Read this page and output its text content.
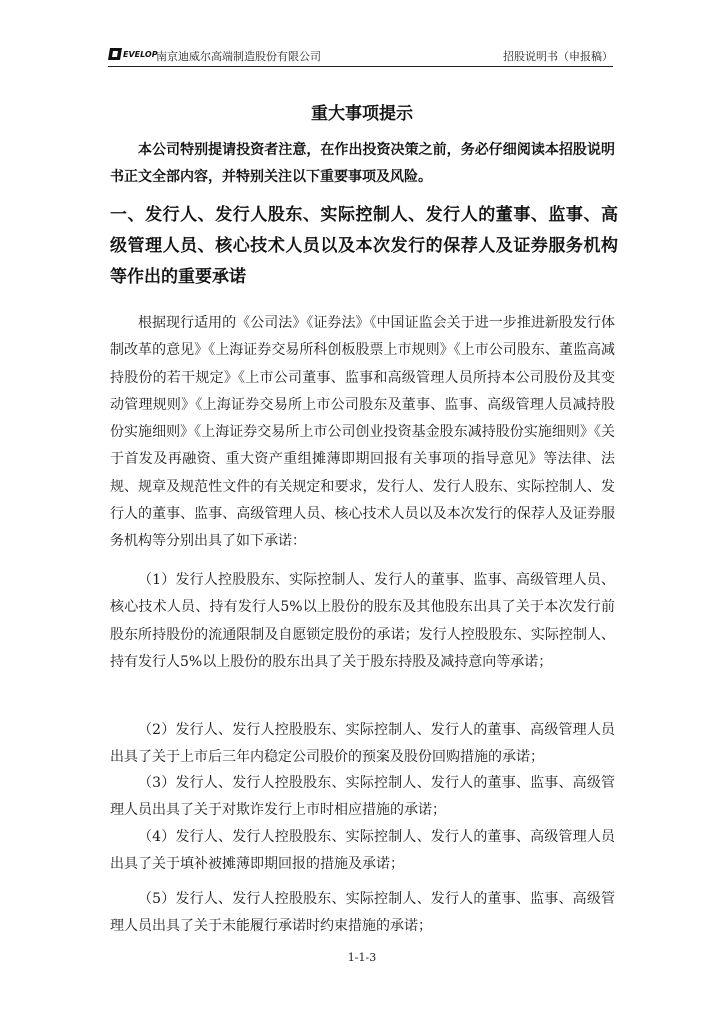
EVELOP
南京迪威尔高端制造股份有限公司	招股说明书（申报稿）
重大事项提示

本公司特别提请投资者注意，在作出投资决策之前，务必仔细阅读本招股说明书正文全部内容，并特别关注以下重要事项及风险。

一、发行人、发行人股东、实际控制人、发行人的董事、监事、高级管理人员、核心技术人员以及本次发行的保荐人及证券服务机构等作出的重要承诺

根据现行适用的《公司法》《证券法》《中国证监会关于进一步推进新股发行体制改革的意见》《上海证券交易所科创板股票上市规则》《上市公司股东、董监高减持股份的若干规定》《上市公司董事、监事和高级管理人员所持本公司股份及其变动管理规则》《上海证券交易所上市公司股东及董事、监事、高级管理人员减持股份实施细则》《上海证券交易所上市公司创业投资基金股东减持股份实施细则》《关于首发及再融资、重大资产重组摊薄即期回报有关事项的指导意见》等法律、法规、规章及规范性文件的有关规定和要求，发行人、发行人股东、实际控制人、发行人的董事、监事、高级管理人员、核心技术人员以及本次发行的保荐人及证券服务机构等分别出具了如下承诺：

（1）发行人控股股东、实际控制人、发行人的董事、监事、高级管理人员、核心技术人员、持有发行人5%以上股份的股东及其他股东出具了关于本次发行前股东所持股份的流通限制及自愿锁定股份的承诺；发行人控股股东、实际控制人、持有发行人5%以上股份的股东出具了关于股东持股及减持意向等承诺；

（2）发行人、发行人控股股东、实际控制人、发行人的董事、高级管理人员出具了关于上市后三年内稳定公司股价的预案及股份回购措施的承诺；

（3）发行人、发行人控股股东、实际控制人、发行人的董事、监事、高级管理人员出具了关于对欺诈发行上市时相应措施的承诺；

（4）发行人、发行人控股股东、实际控制人、发行人的董事、高级管理人员出具了关于填补被摊薄即期回报的措施及承诺；

（5）发行人、发行人控股股东、实际控制人、发行人的董事、监事、高级管理人员出具了关于未能履行承诺时约束措施的承诺；

1-1-3
